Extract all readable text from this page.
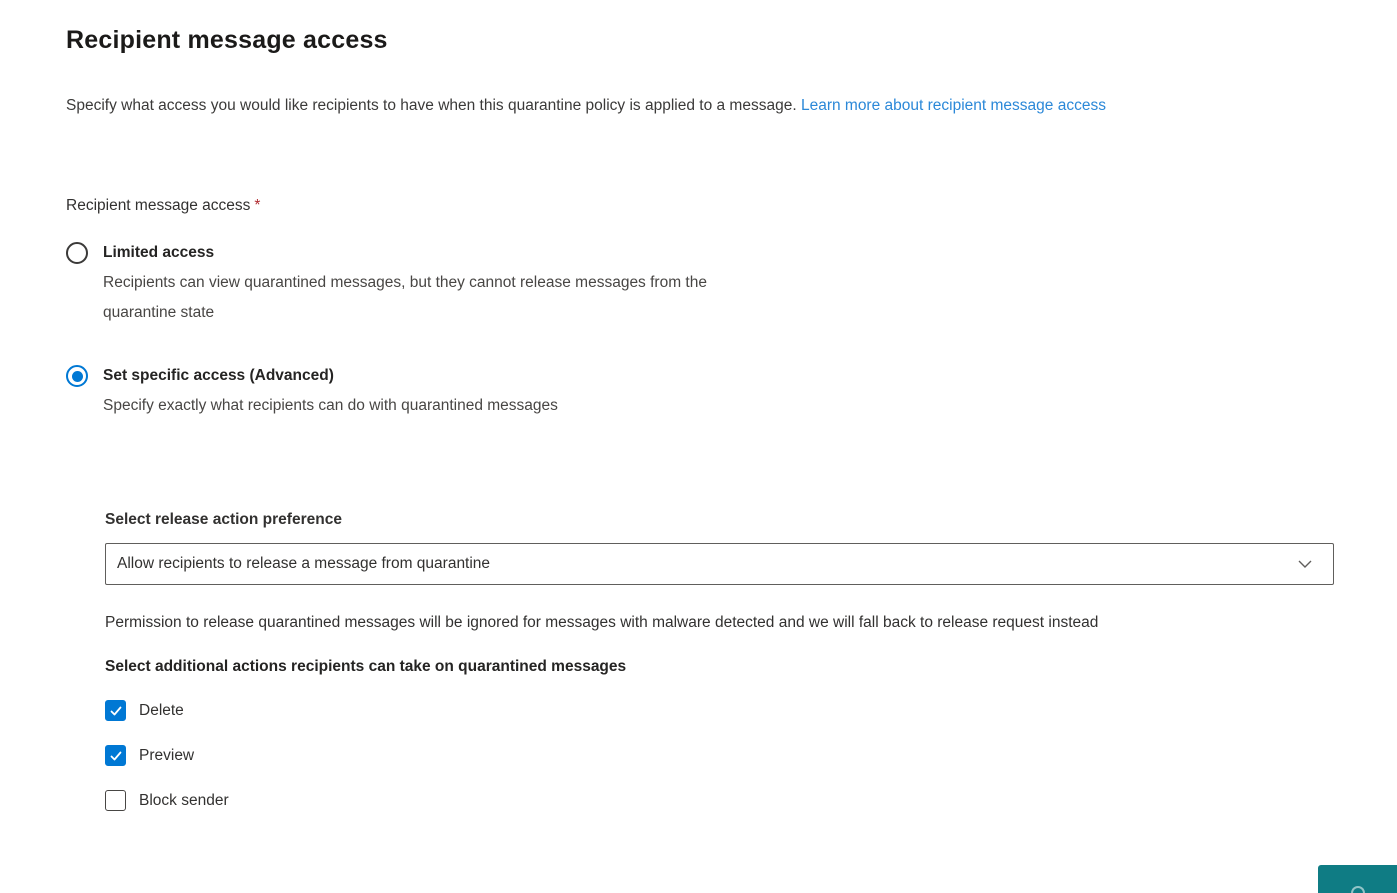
Recipient message access

Specify what access you would like recipients to have when this quarantine policy is applied to a message. Learn more about recipient message access

Recipient message access *
Limited access
Recipients can view quarantined messages, but they cannot release messages from the quarantine state
Set specific access (Advanced)
Specify exactly what recipients can do with quarantined messages
Select release action preference
Allow recipients to release a message from quarantine

Permission to release quarantined messages will be ignored for messages with malware detected and we will fall back to release request instead

Select additional actions recipients can take on quarantined messages
Delete
Preview
Block sender
